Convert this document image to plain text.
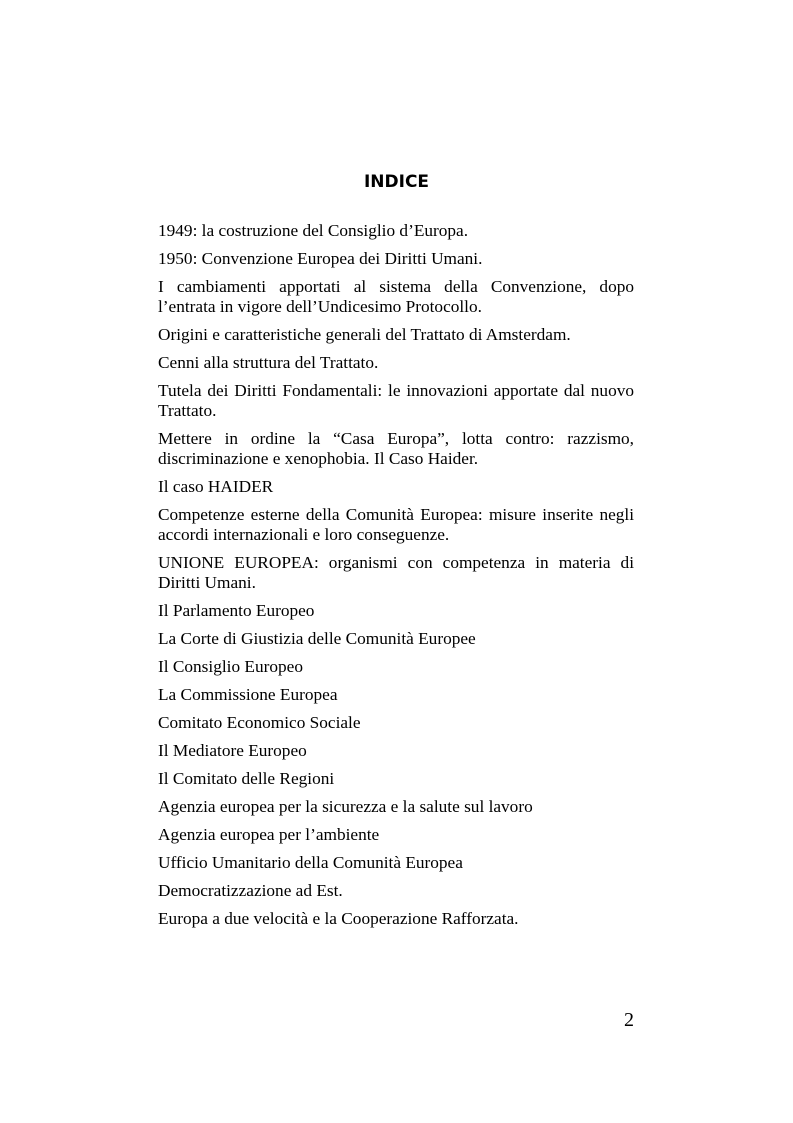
INDICE
1949: la costruzione del Consiglio d’Europa.
1950: Convenzione Europea dei Diritti Umani.
I cambiamenti apportati al sistema della Convenzione, dopo l’entrata in vigore dell’Undicesimo Protocollo.
Origini e caratteristiche generali del Trattato di Amsterdam.
Cenni alla struttura del Trattato.
Tutela dei Diritti Fondamentali: le innovazioni apportate dal nuovo Trattato.
Mettere in ordine la “Casa Europa”, lotta contro: razzismo, discriminazione e xenophobia. Il Caso Haider.
Il caso HAIDER
Competenze esterne della Comunità Europea: misure inserite negli accordi internazionali e loro conseguenze.
UNIONE EUROPEA: organismi con competenza in materia di Diritti Umani.
Il Parlamento Europeo
La Corte di Giustizia delle Comunità Europee
Il Consiglio Europeo
La Commissione Europea
Comitato Economico Sociale
Il Mediatore Europeo
Il Comitato delle Regioni
Agenzia europea per la sicurezza e la salute sul lavoro
Agenzia europea per l’ambiente
Ufficio Umanitario della Comunità Europea
Democratizzazione ad Est.
Europa a due velocità e la Cooperazione Rafforzata.
2
